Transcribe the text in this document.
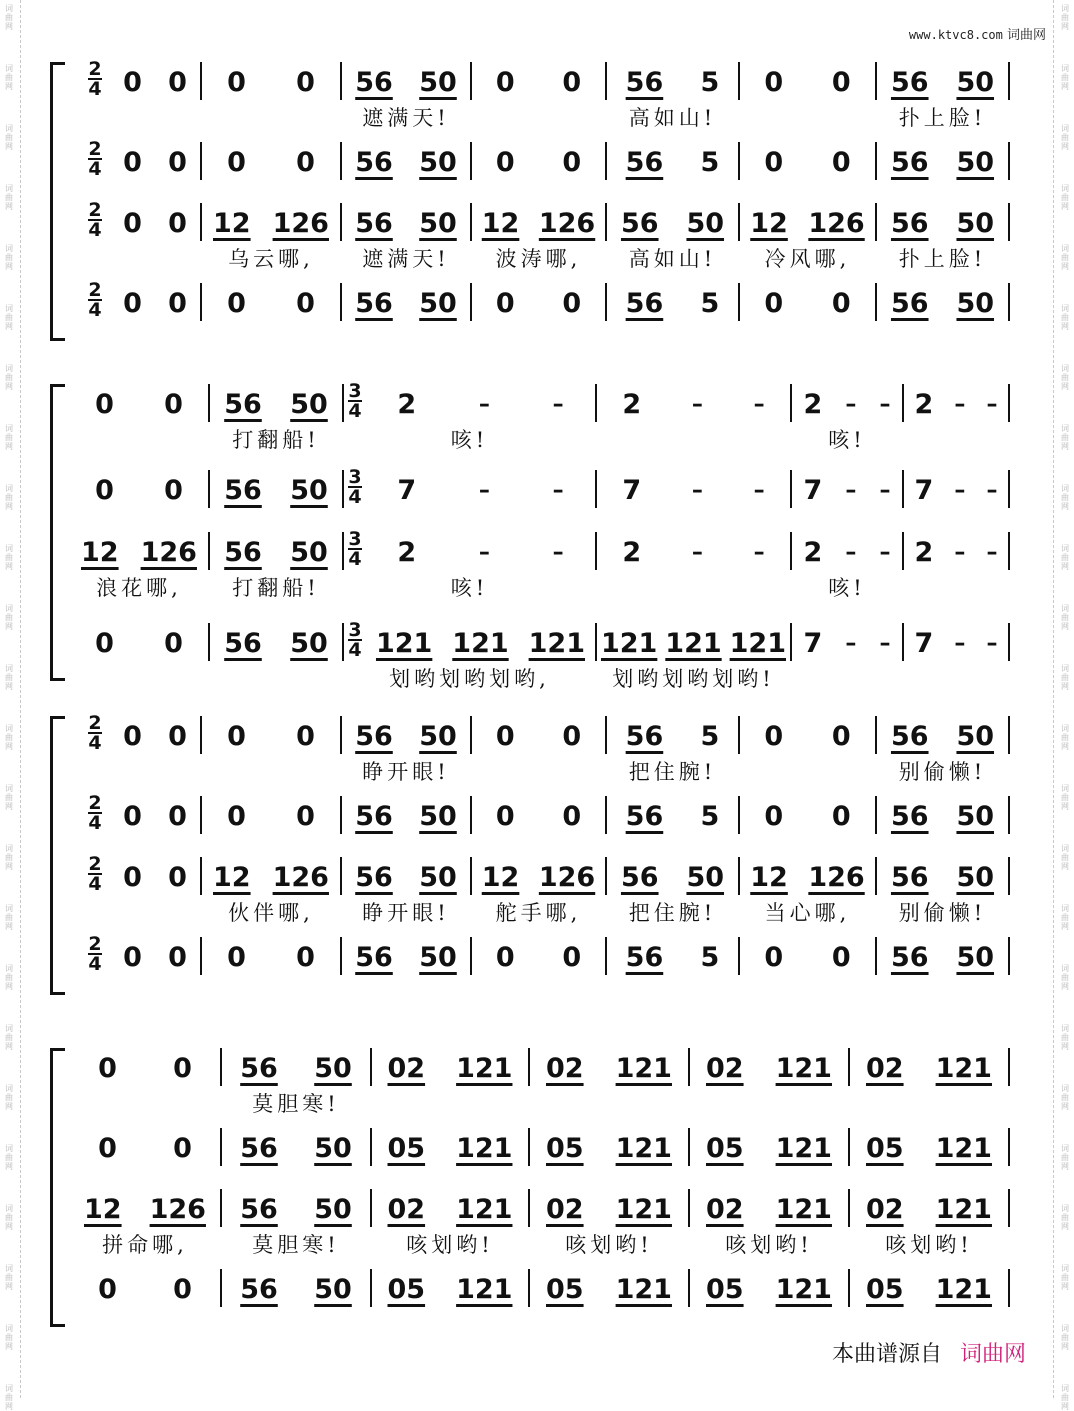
词
曲
网
词
曲
网
词
曲
网
词
曲
网
词
曲
网
词
曲
网
词
曲
网
词
曲
网
词
曲
网
词
曲
网
词
曲
网
词
曲
网
词
曲
网
词
曲
网
词
曲
网
词
曲
网
词
曲
网
词
曲
网
词
曲
网
词
曲
网
词
曲
网
词
曲
网
词
曲
网
词
曲
网
词
曲
网
词
曲
网
词
曲
网
词
曲
网
词
曲
网
词
曲
网
词
曲
网
词
曲
网
词
曲
网
词
曲
网
词
曲
网
词
曲
网
词
曲
网
词
曲
网
词
曲
网
词
曲
网
词
曲
网
词
曲
网
词
曲
网
词
曲
网
词
曲
网
词
曲
网
词
曲
网
词
曲
网
www.ktvc8.com 词曲网
$\frac{2}{4} 0$ 0 0 0 56 50
遮满天!
0 0 56 5
高如山!
0 0 56 50
扑上脸!
$\frac{2}{4} 0$ 0 0 0 56 50 0 0 56 5 0 0 56 50
$\frac{2}{4} 0$ 0 12 126
乌云哪,
56 50
遮满天!
12 126
波涛哪,
56 50
高如山!
12 126
冷风哪,
56 50
扑上脸!
$\frac{2}{4} 0$ 0 0 0 56 50 0 0 56 5 0 0 56 50
0 0 56 50
打翻船!
$\frac{3}{4} 2$	–	–
咳!
2 – – 2 – –
咳!
2 – –
0 0 56 $50 \frac{3}{4} 7$	–	– 7 – – 7 – – 7 – –
12 126
浪花哪,
56 50
打翻船!
$\frac{3}{4} 2$	–	–
咳!
2 – – 2 – –
咳!
2 – –
0 0 56 $50 \frac{3}{4} 121$ 121 121
划哟划哟划哟,
121 121 121
划哟划哟划哟!
7 – – 7 – –
$\frac{2}{4} 0$ 0 0 0 56 50
睁开眼!
0 0 56 5
把住腕!
0 0 56 50
别偷懒!
$\frac{2}{4} 0$ 0 0 0 56 50 0 0 56 5 0 0 56 50
$\frac{2}{4} 0$ 0 12 126
伙伴哪,
56 50
睁开眼!
12 126
舵手哪,
56 50
把住腕!
12 126
当心哪,
56 50
别偷懒!
$\frac{2}{4} 0$ 0 0 0 56 50 0 0 56 5 0 0 56 50
0 0 56 50
莫胆寒!
02 121 02 121 02 121 02 121
0 0 56 50 05 121 05 121 05 121 05 121
12 126
拼命哪,
56 50
莫胆寒!
02 121
咳划哟!
02 121
咳划哟!
02 121
咳划哟!
02 121
咳划哟!
0 0 56 50 05 121 05 121 05 121 05 121
本曲谱源自 词曲网
